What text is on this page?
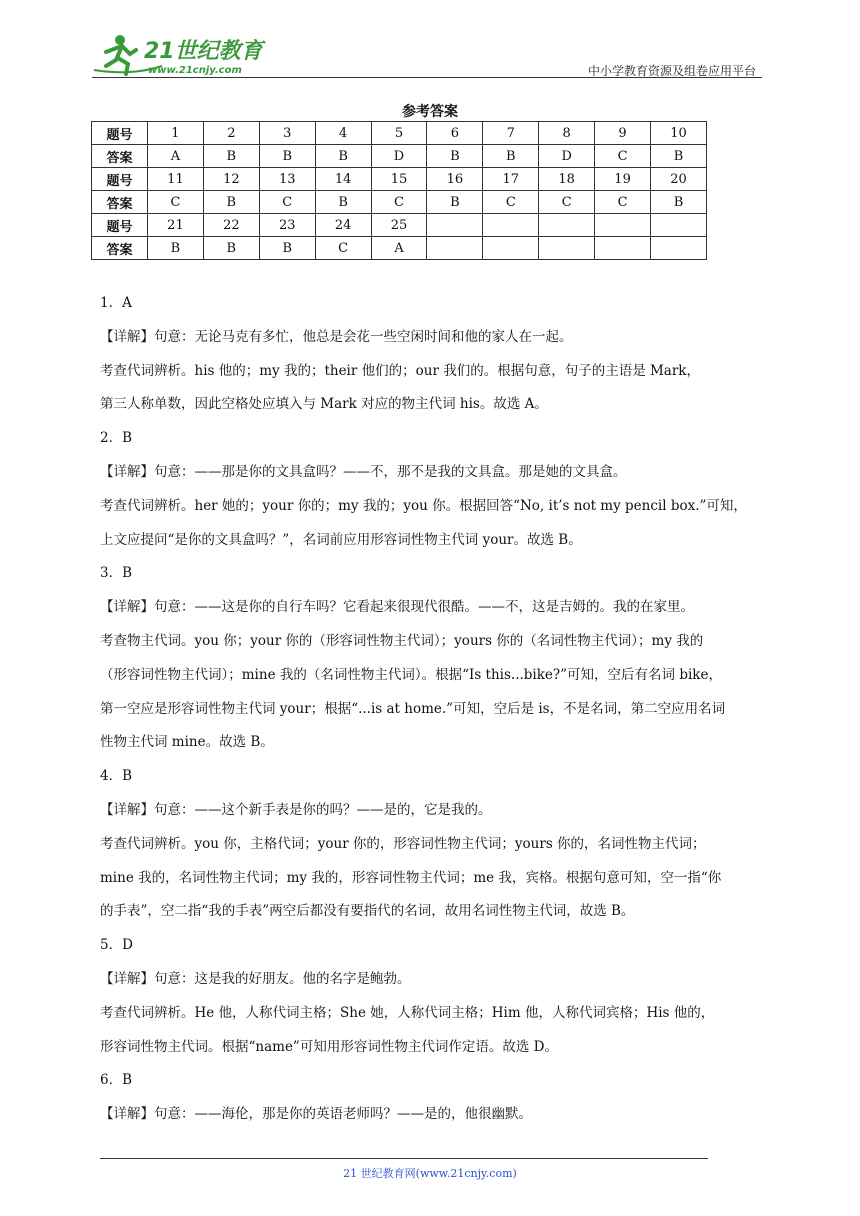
21世纪教育
www.21cnjy.com	中小学教育资源及组卷应用平台
参考答案
题号	1	2	3	4	5	6	7	8	9	10
答案	A	B	B	B	D	B	B	D	C	B
题号	11	12	13	14	15	16	17	18	19	20
答案	C	B	C	B	C	B	C	C	C	B
题号	21	22	23	24	25					
答案	B	B	B	C	A					

1．A

【详解】句意：无论马克有多忙，他总是会花一些空闲时间和他的家人在一起。

考查代词辨析。his 他的；my 我的；their 他们的；our 我们的。根据句意，句子的主语是 Mark，

第三人称单数，因此空格处应填入与 Mark 对应的物主代词 his。故选 A。

2．B

【详解】句意：——那是你的文具盒吗？——不，那不是我的文具盒。那是她的文具盒。

考查代词辨析。her 她的；your 你的；my 我的；you 你。根据回答“No, it’s not my pencil box.”可知，

上文应提问“是你的文具盒吗？”，名词前应用形容词性物主代词 your。故选 B。

3．B

【详解】句意：——这是你的自行车吗？它看起来很现代很酷。——不，这是吉姆的。我的在家里。

考查物主代词。you 你；your 你的（形容词性物主代词）；yours 你的（名词性物主代词）；my 我的

（形容词性物主代词）；mine 我的（名词性物主代词）。根据“Is this...bike?”可知，空后有名词 bike，

第一空应是形容词性物主代词 your；根据“...is at home.”可知，空后是 is，不是名词，第二空应用名词

性物主代词 mine。故选 B。

4．B

【详解】句意：——这个新手表是你的吗？——是的，它是我的。

考查代词辨析。you 你，主格代词；your 你的，形容词性物主代词；yours 你的，名词性物主代词；

mine 我的，名词性物主代词；my 我的，形容词性物主代词；me 我，宾格。根据句意可知，空一指“你

的手表”，空二指“我的手表”两空后都没有要指代的名词，故用名词性物主代词，故选 B。

5．D

【详解】句意：这是我的好朋友。他的名字是鲍勃。

考查代词辨析。He 他，人称代词主格；She 她，人称代词主格；Him 他，人称代词宾格；His 他的，

形容词性物主代词。根据“name”可知用形容词性物主代词作定语。故选 D。

6．B

【详解】句意：——海伦，那是你的英语老师吗？——是的，他很幽默。

21 世纪教育网(www.21cnjy.com)
